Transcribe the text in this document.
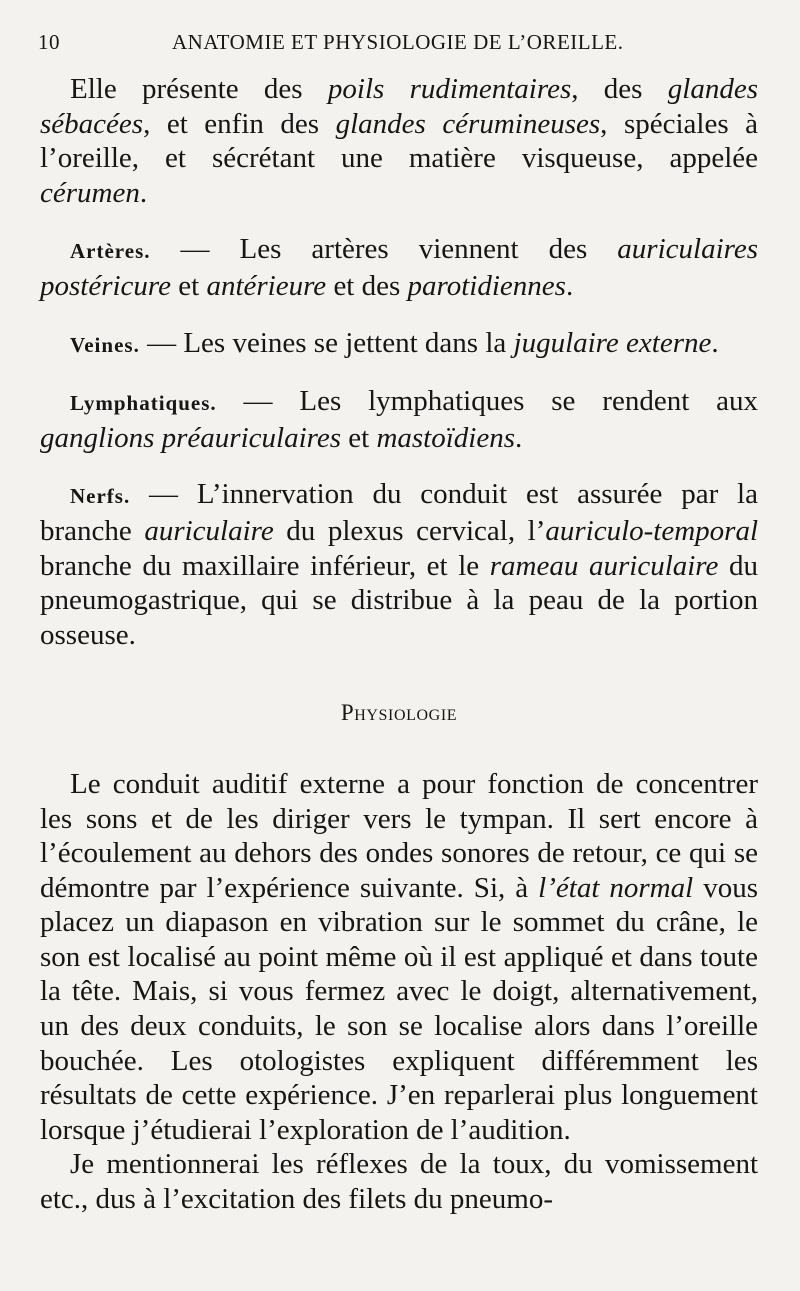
10	ANATOMIE ET PHYSIOLOGIE DE L’OREILLE.

Elle présente des poils rudimentaires, des glandes sébacées, et enfin des glandes cérumineuses, spéciales à l’oreille, et sécrétant une matière visqueuse, appelée cérumen.

Artères. — Les artères viennent des auriculaires postéricure et antérieure et des parotidiennes.

Veines. — Les veines se jettent dans la jugulaire externe.

Lymphatiques. — Les lymphatiques se rendent aux ganglions préauriculaires et mastoïdiens.

Nerfs. — L’innervation du conduit est assurée par la branche auriculaire du plexus cervical, l’auriculo-temporal branche du maxillaire inférieur, et le rameau auriculaire du pneumogastrique, qui se distribue à la peau de la portion osseuse.

Physiologie

Le conduit auditif externe a pour fonction de concentrer les sons et de les diriger vers le tympan. Il sert encore à l’écoulement au dehors des ondes sonores de retour, ce qui se démontre par l’expérience suivante. Si, à l’état normal vous placez un diapason en vibration sur le sommet du crâne, le son est localisé au point même où il est appliqué et dans toute la tête. Mais, si vous fermez avec le doigt, alternativement, un des deux conduits, le son se localise alors dans l’oreille bouchée. Les otologistes expliquent différemment les résultats de cette expérience. J’en reparlerai plus longuement lorsque j’étudierai l’exploration de l’audition.

Je mentionnerai les réflexes de la toux, du vomissement etc., dus à l’excitation des filets du pneumo-
